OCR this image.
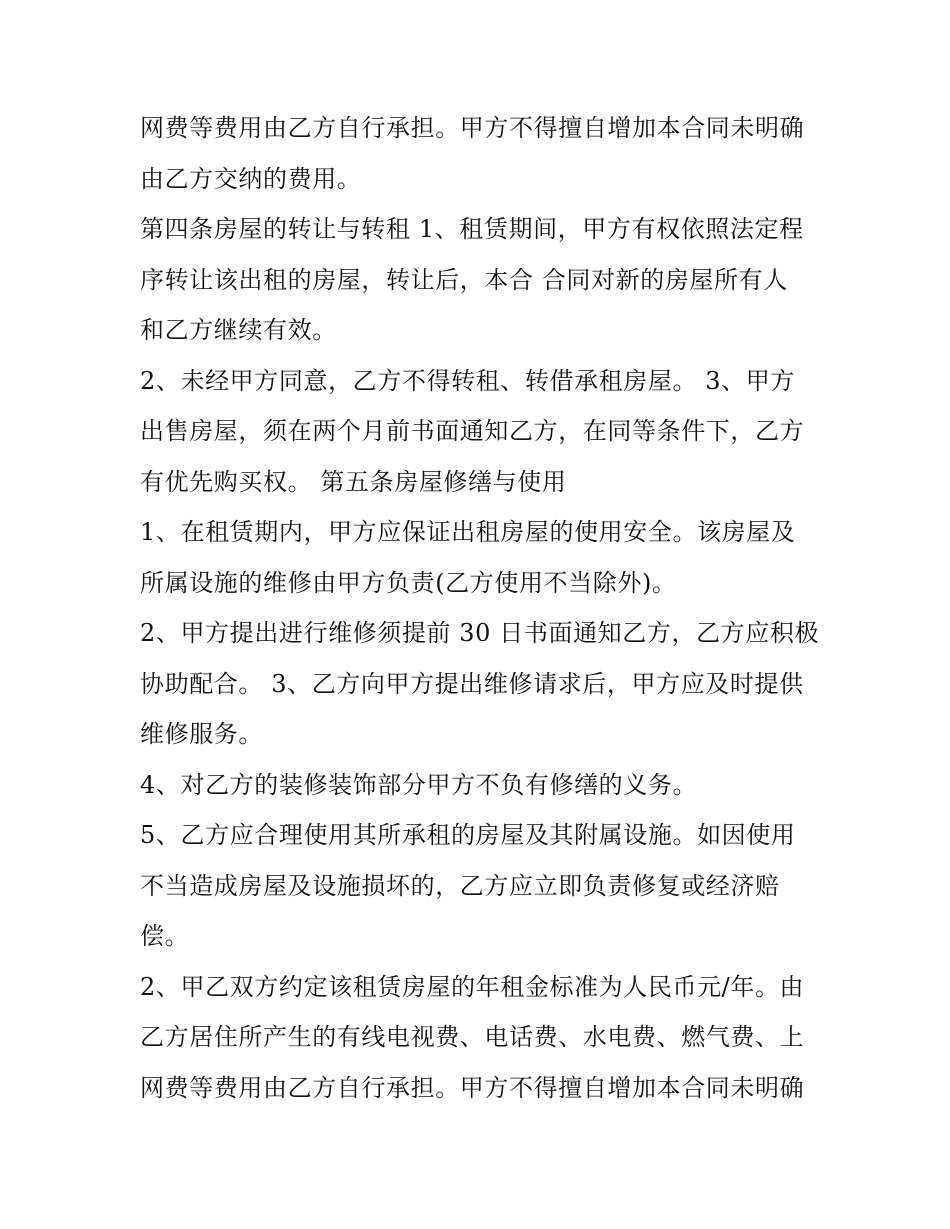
网费等费用由乙方自行承担。甲方不得擅自增加本合同未明确
由乙方交纳的费用。
第四条房屋的转让与转租 1、租赁期间，甲方有权依照法定程
序转让该出租的房屋，转让后，本合 合同对新的房屋所有人
和乙方继续有效。
2、未经甲方同意，乙方不得转租、转借承租房屋。 3、甲方
出售房屋，须在两个月前书面通知乙方，在同等条件下，乙方
有优先购买权。 第五条房屋修缮与使用
1、在租赁期内，甲方应保证出租房屋的使用安全。该房屋及
所属设施的维修由甲方负责(乙方使用不当除外)。
2、甲方提出进行维修须提前 30 日书面通知乙方，乙方应积极
协助配合。 3、乙方向甲方提出维修请求后，甲方应及时提供
维修服务。
4、对乙方的装修装饰部分甲方不负有修缮的义务。
5、乙方应合理使用其所承租的房屋及其附属设施。如因使用
不当造成房屋及设施损坏的，乙方应立即负责修复或经济赔
偿。
2、甲乙双方约定该租赁房屋的年租金标准为人民币元/年。由
乙方居住所产生的有线电视费、电话费、水电费、燃气费、上
网费等费用由乙方自行承担。甲方不得擅自增加本合同未明确
